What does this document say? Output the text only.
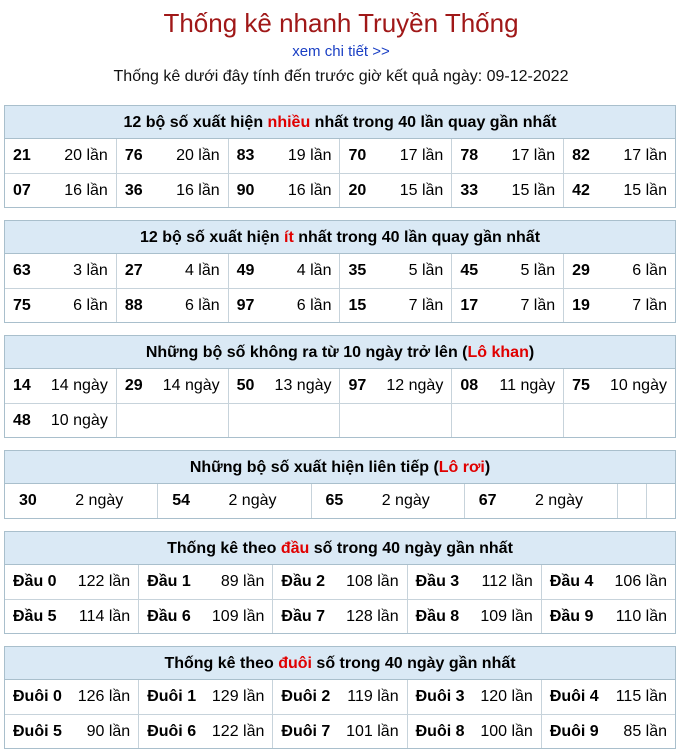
Thống kê nhanh Truyền Thống
xem chi tiết >>
Thống kê dưới đây tính đến trước giờ kết quả ngày: 09-12-2022
12 bộ số xuất hiện nhiều nhất trong 40 lần quay gần nhất
21 20 lần 76 20 lần 83 19 lần 70 17 lần 78 17 lần 82 17 lần
07 16 lần 36 16 lần 90 16 lần 20 15 lần 33 15 lần 42 15 lần
12 bộ số xuất hiện ít nhất trong 40 lần quay gần nhất
63	3 lần 27	4 lần 49	4 lần 35	5 lần 45	5 lần 29	6 lần
75	6 lần 88	6 lần 97	6 lần 15	7 lần 17	7 lần 19	7 lần
Những bộ số không ra từ 10 ngày trở lên (Lô khan)
14 14 ngày 29 14 ngày 50 13 ngày 97 12 ngày 08 11 ngày 75 10 ngày
48 10 ngày
Những bộ số xuất hiện liên tiếp (Lô rơi)
30 2 ngày	54 2 ngày	65 2 ngày	67 2 ngày
Thống kê theo đầu số trong 40 ngày gần nhất
Đầu 0 122 lần Đầu 1 89 lần Đầu 2 108 lần Đầu 3 112 lần Đầu 4 106 lần
Đầu 5 114 lần Đầu 6 109 lần Đầu 7 128 lần Đầu 8 109 lần Đầu 9 110 lần
Thống kê theo đuôi số trong 40 ngày gần nhất
Đuôi 0 126 lần Đuôi 1 129 lần Đuôi 2 119 lần Đuôi 3 120 lần Đuôi 4 115 lần
Đuôi 5 90 lần Đuôi 6 122 lần Đuôi 7 101 lần Đuôi 8 100 lần Đuôi 9 85 lần
